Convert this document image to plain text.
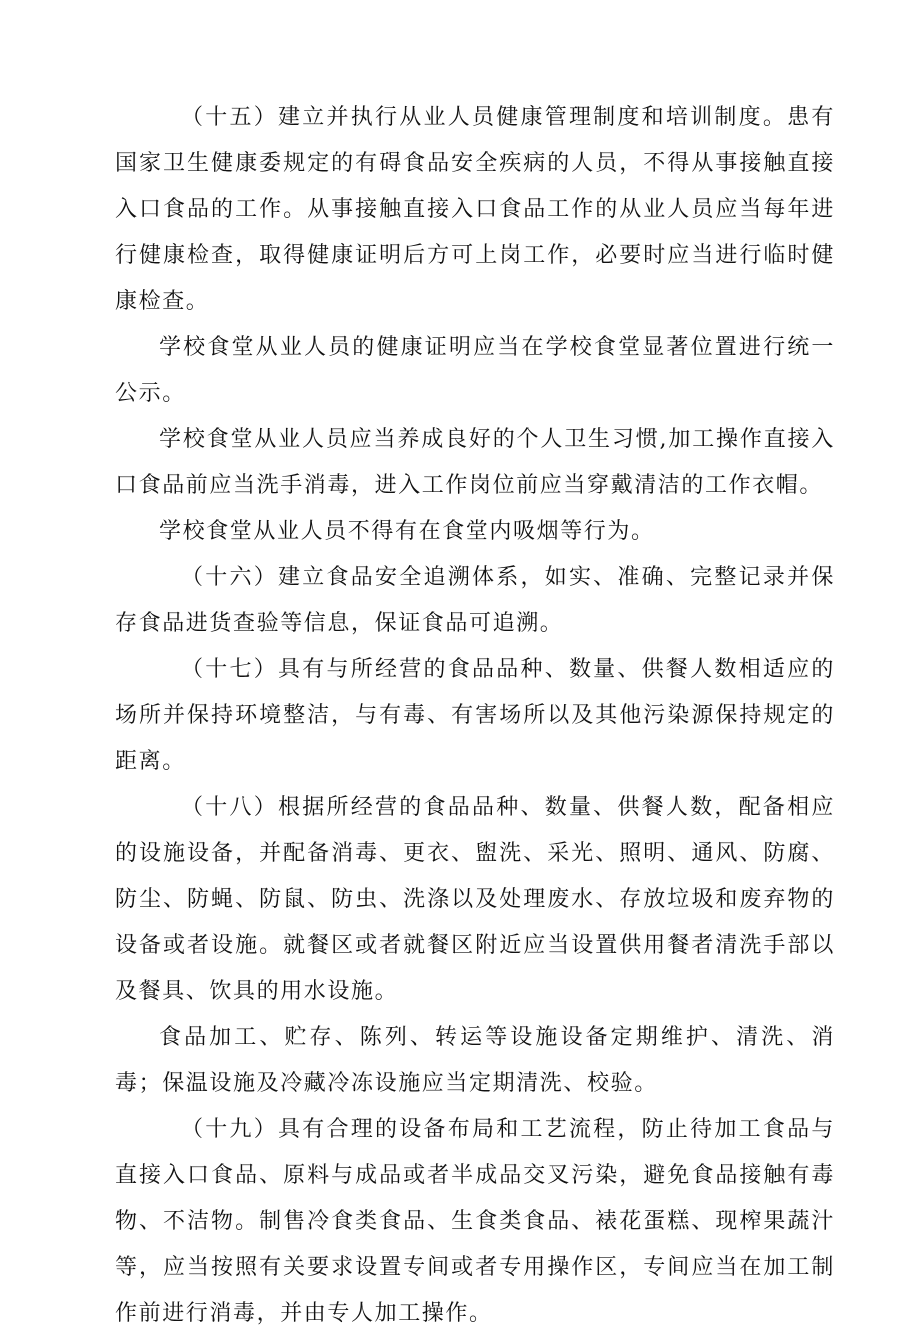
（十五）建立并执行从业人员健康管理制度和培训制度。患有国家卫生健康委规定的有碍食品安全疾病的人员，不得从事接触直接入口食品的工作。从事接触直接入口食品工作的从业人员应当每年进行健康检查，取得健康证明后方可上岗工作，必要时应当进行临时健康检查。

学校食堂从业人员的健康证明应当在学校食堂显著位置进行统一公示。

学校食堂从业人员应当养成良好的个人卫生习惯,加工操作直接入口食品前应当洗手消毒，进入工作岗位前应当穿戴清洁的工作衣帽。

学校食堂从业人员不得有在食堂内吸烟等行为。

（十六）建立食品安全追溯体系，如实、准确、完整记录并保存食品进货查验等信息，保证食品可追溯。

（十七）具有与所经营的食品品种、数量、供餐人数相适应的场所并保持环境整洁，与有毒、有害场所以及其他污染源保持规定的距离。

（十八）根据所经营的食品品种、数量、供餐人数，配备相应的设施设备，并配备消毒、更衣、盥洗、采光、照明、通风、防腐、防尘、防蝇、防鼠、防虫、洗涤以及处理废水、存放垃圾和废弃物的设备或者设施。就餐区或者就餐区附近应当设置供用餐者清洗手部以及餐具、饮具的用水设施。

食品加工、贮存、陈列、转运等设施设备定期维护、清洗、消毒；保温设施及冷藏冷冻设施应当定期清洗、校验。

（十九）具有合理的设备布局和工艺流程，防止待加工食品与直接入口食品、原料与成品或者半成品交叉污染，避免食品接触有毒物、不洁物。制售冷食类食品、生食类食品、裱花蛋糕、现榨果蔬汁等，应当按照有关要求设置专间或者专用操作区，专间应当在加工制作前进行消毒，并由专人加工操作。
